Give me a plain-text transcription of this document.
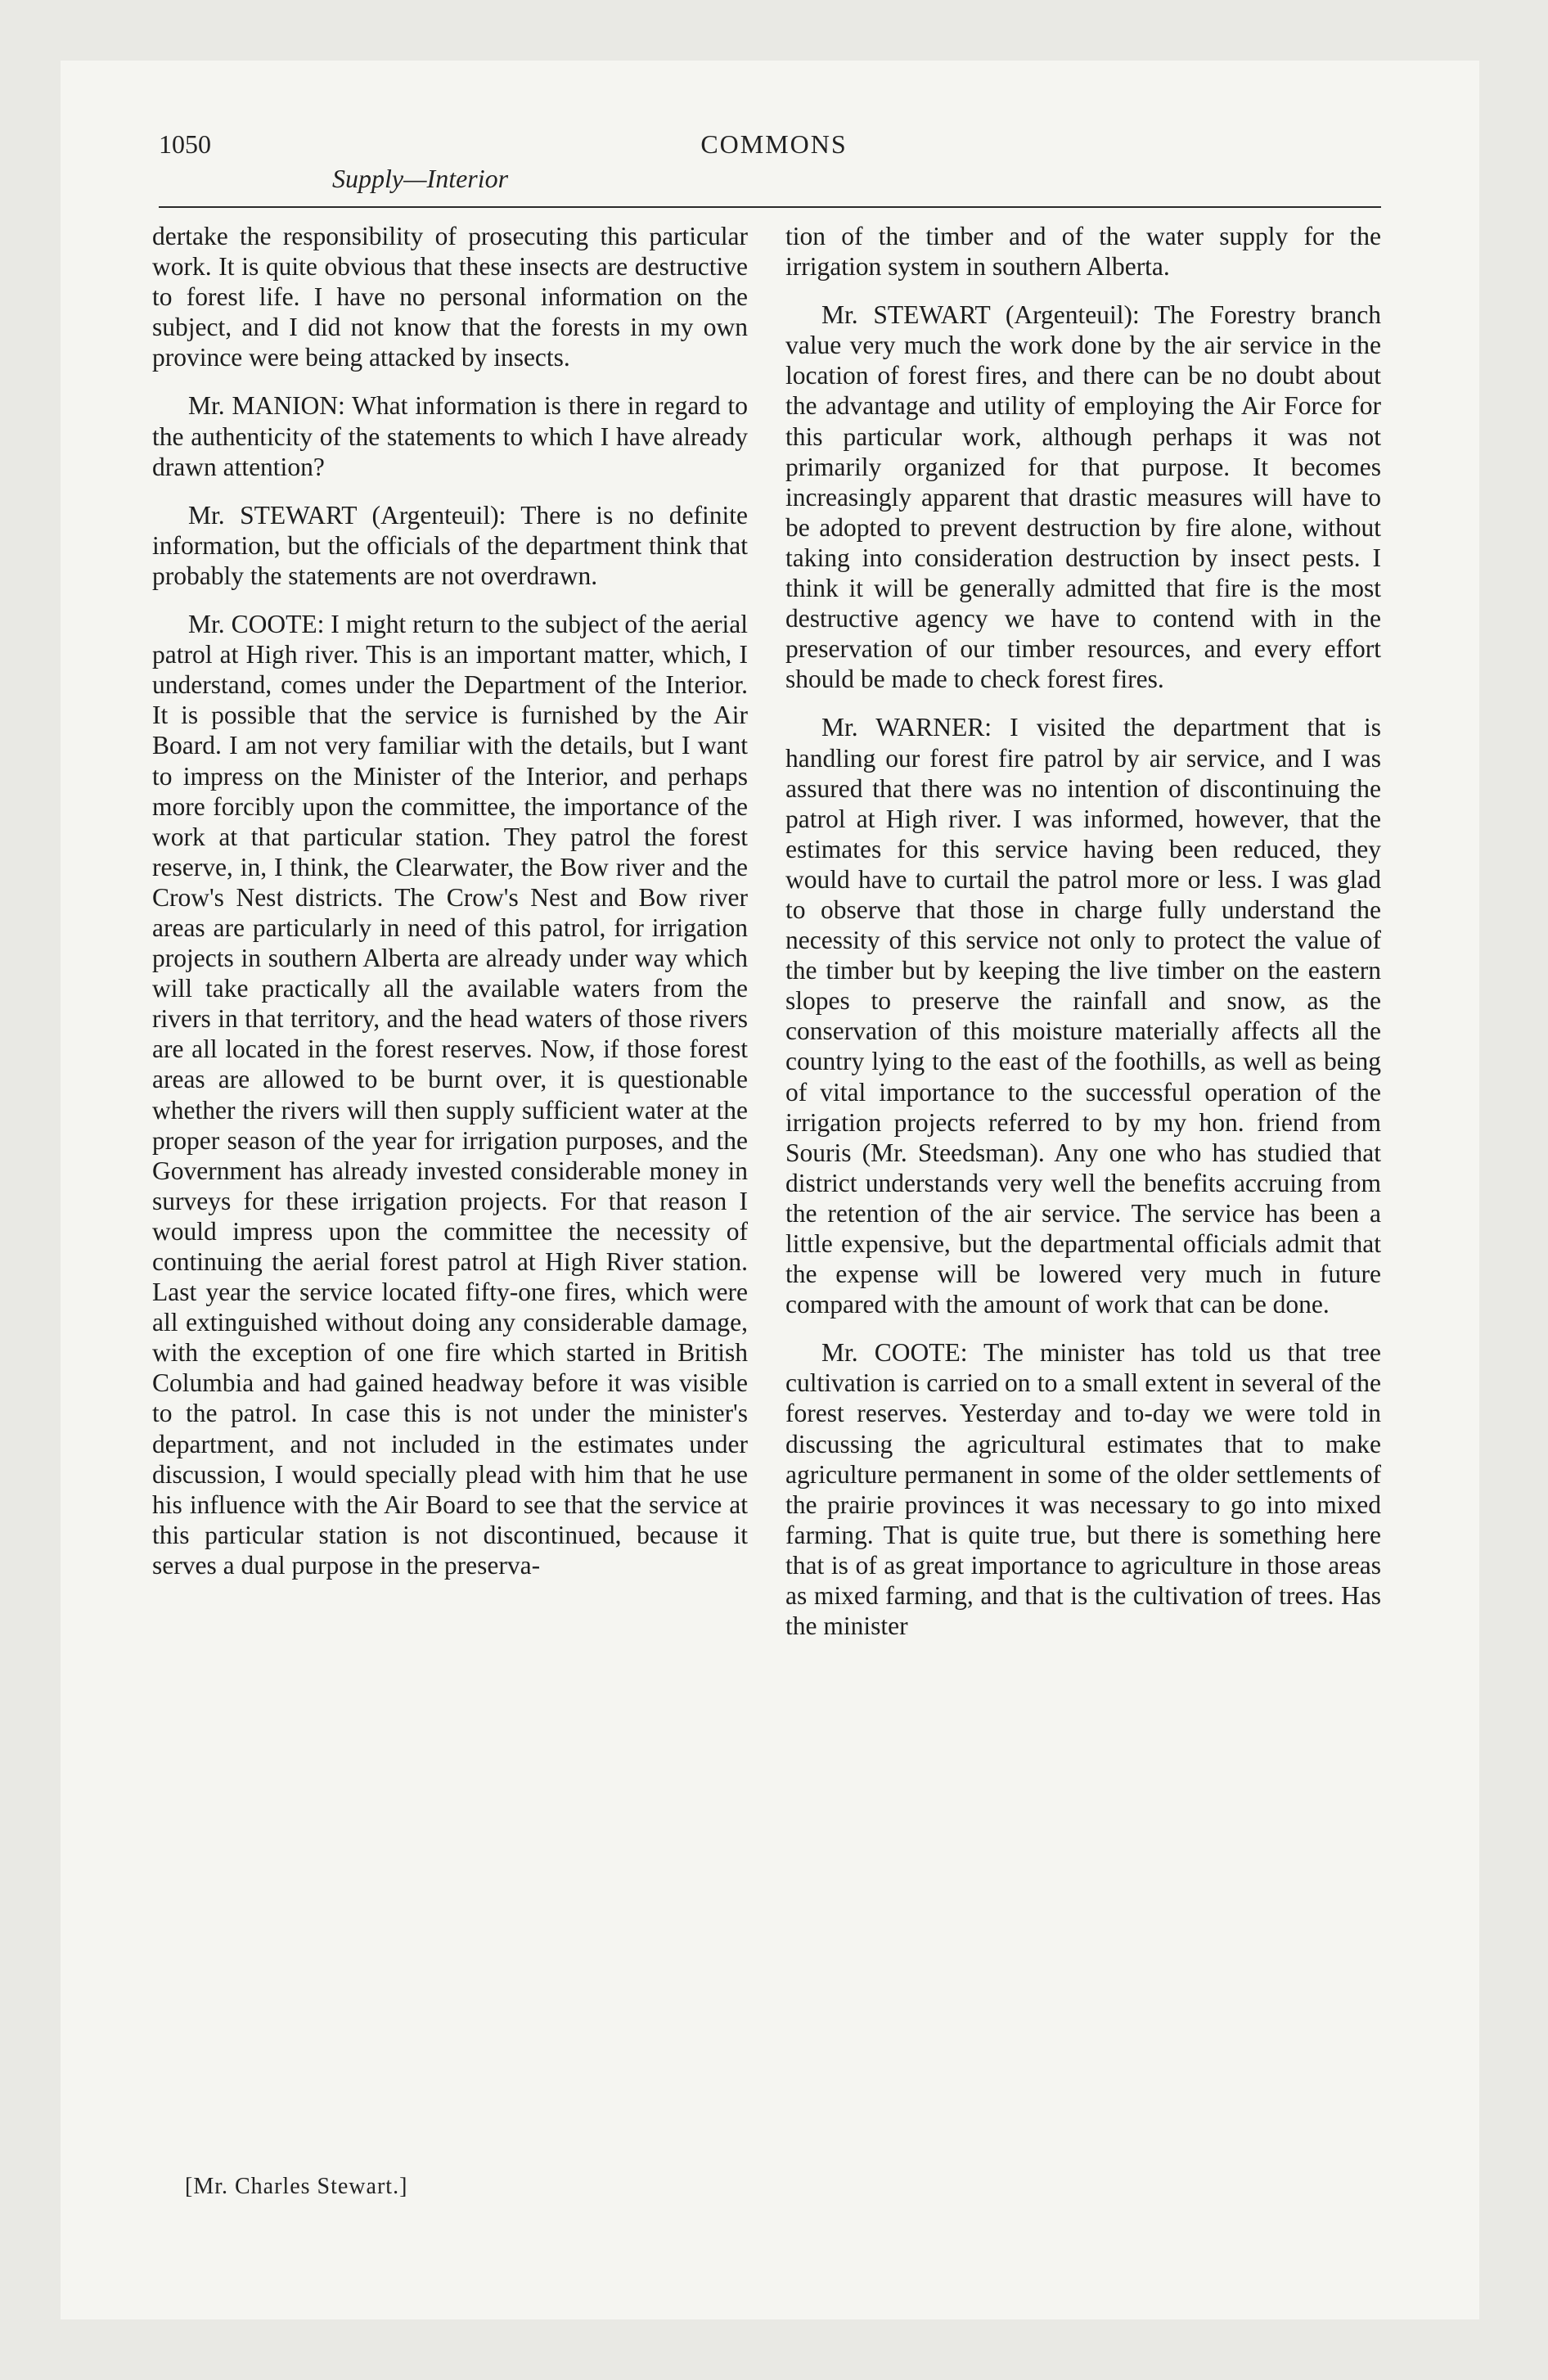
1050	COMMONS
Supply—Interior

dertake the responsibility of prosecuting this particular work. It is quite obvious that these insects are destructive to forest life. I have no personal information on the subject, and I did not know that the forests in my own province were being attacked by insects.

Mr. MANION: What information is there in regard to the authenticity of the statements to which I have already drawn attention?

Mr. STEWART (Argenteuil): There is no definite information, but the officials of the department think that probably the statements are not overdrawn.

Mr. COOTE: I might return to the subject of the aerial patrol at High river. This is an important matter, which, I understand, comes under the Department of the Interior. It is possible that the service is furnished by the Air Board. I am not very familiar with the details, but I want to impress on the Minister of the Interior, and perhaps more forcibly upon the committee, the importance of the work at that particular station. They patrol the forest reserve, in, I think, the Clearwater, the Bow river and the Crow's Nest districts. The Crow's Nest and Bow river areas are particularly in need of this patrol, for irrigation projects in southern Alberta are already under way which will take practically all the available waters from the rivers in that territory, and the head waters of those rivers are all located in the forest reserves. Now, if those forest areas are allowed to be burnt over, it is questionable whether the rivers will then supply sufficient water at the proper season of the year for irrigation purposes, and the Government has already invested considerable money in surveys for these irrigation projects. For that reason I would impress upon the committee the necessity of continuing the aerial forest patrol at High River station. Last year the service located fifty-one fires, which were all extinguished without doing any considerable damage, with the exception of one fire which started in British Columbia and had gained headway before it was visible to the patrol. In case this is not under the minister's department, and not included in the estimates under discussion, I would specially plead with him that he use his influence with the Air Board to see that the service at this particular station is not discontinued, because it serves a dual purpose in the preserva-

tion of the timber and of the water supply for the irrigation system in southern Alberta.

Mr. STEWART (Argenteuil): The Forestry branch value very much the work done by the air service in the location of forest fires, and there can be no doubt about the advantage and utility of employing the Air Force for this particular work, although perhaps it was not primarily organized for that purpose. It becomes increasingly apparent that drastic measures will have to be adopted to prevent destruction by fire alone, without taking into consideration destruction by insect pests. I think it will be generally admitted that fire is the most destructive agency we have to contend with in the preservation of our timber resources, and every effort should be made to check forest fires.

Mr. WARNER: I visited the department that is handling our forest fire patrol by air service, and I was assured that there was no intention of discontinuing the patrol at High river. I was informed, however, that the estimates for this service having been reduced, they would have to curtail the patrol more or less. I was glad to observe that those in charge fully understand the necessity of this service not only to protect the value of the timber but by keeping the live timber on the eastern slopes to preserve the rainfall and snow, as the conservation of this moisture materially affects all the country lying to the east of the foothills, as well as being of vital importance to the successful operation of the irrigation projects referred to by my hon. friend from Souris (Mr. Steedsman). Any one who has studied that district understands very well the benefits accruing from the retention of the air service. The service has been a little expensive, but the departmental officials admit that the expense will be lowered very much in future compared with the amount of work that can be done.

Mr. COOTE: The minister has told us that tree cultivation is carried on to a small extent in several of the forest reserves. Yesterday and to-day we were told in discussing the agricultural estimates that to make agriculture permanent in some of the older settlements of the prairie provinces it was necessary to go into mixed farming. That is quite true, but there is something here that is of as great importance to agriculture in those areas as mixed farming, and that is the cultivation of trees. Has the minister

[Mr. Charles Stewart.]
